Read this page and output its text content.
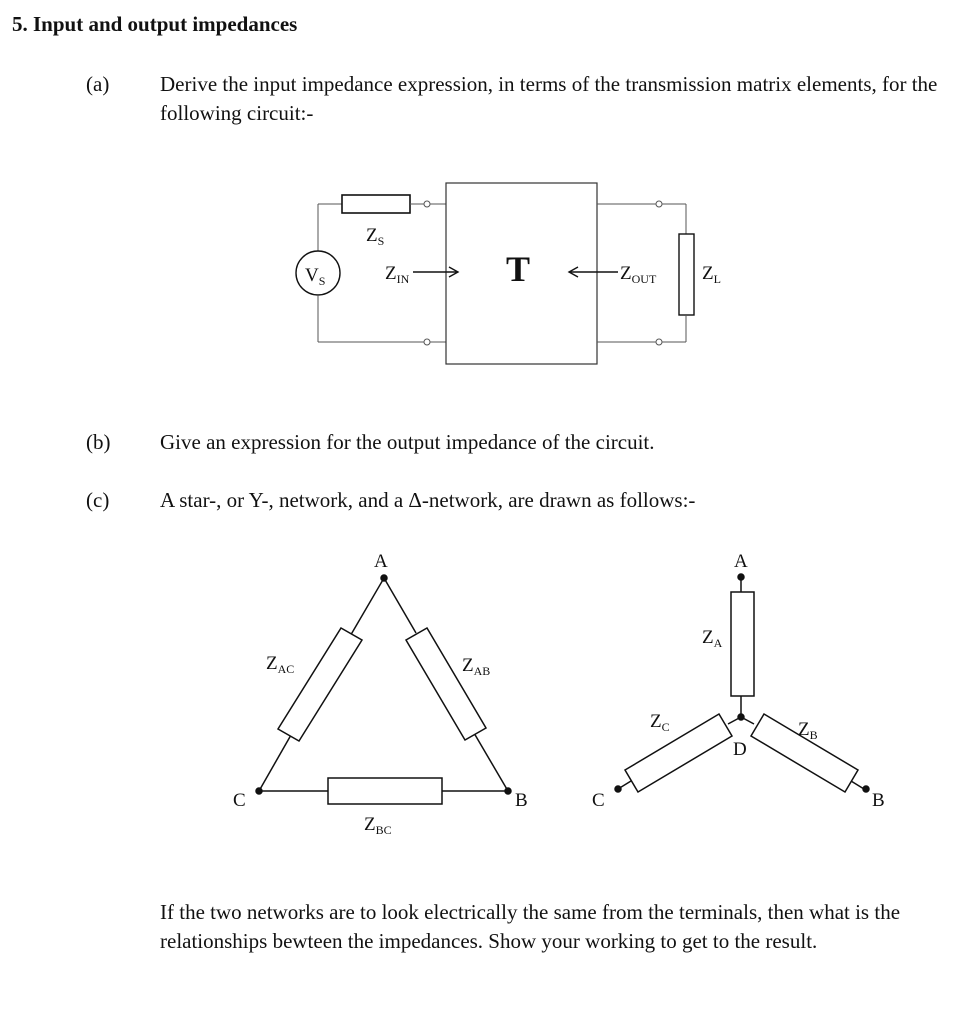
5. Input and output impedances
(a) Derive the input impedance expression, in terms of the transmission matrix elements, for the following circuit:-
$V_S$
$Z_S$
$Z_{IN}$	T	$Z_{OUT}$ $Z_L$
A
C	B
$Z_{AC}$	$Z_{AB}$
$Z_{BC}$
A
C	B
D
$Z_A$
$Z_C$	$Z_B$
(b) Give an expression for the output impedance of the circuit.
(c) A star-, or Y-, network, and a Δ-network, are drawn as follows:-
If the two networks are to look electrically the same from the terminals, then what is the relationships bewteen the impedances. Show your working to get to the result.
